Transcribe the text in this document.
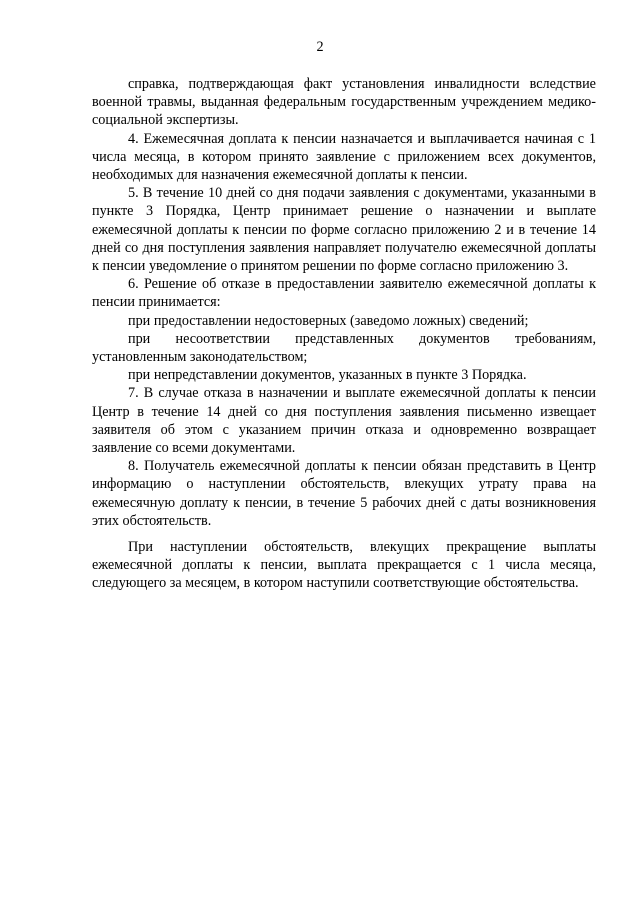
2

справка, подтверждающая факт установления инвалидности вследствие военной травмы, выданная федеральным государственным учреждением медико-социальной экспертизы.

4. Ежемесячная доплата к пенсии назначается и выплачивается начиная с 1 числа месяца, в котором принято заявление с приложением всех документов, необходимых для назначения ежемесячной доплаты к пенсии.

5. В течение 10 дней со дня подачи заявления с документами, указанными в пункте 3 Порядка, Центр принимает решение о назначении и выплате ежемесячной доплаты к пенсии по форме согласно приложению 2 и в течение 14 дней со дня поступления заявления направляет получателю ежемесячной доплаты к пенсии уведомление о принятом решении по форме согласно приложению 3.

6. Решение об отказе в предоставлении заявителю ежемесячной доплаты к пенсии принимается:

при предоставлении недостоверных (заведомо ложных) сведений;

при несоответствии представленных документов требованиям, установленным законодательством;

при непредставлении документов, указанных в пункте 3 Порядка.

7. В случае отказа в назначении и выплате ежемесячной доплаты к пенсии Центр в течение 14 дней со дня поступления заявления письменно извещает заявителя об этом с указанием причин отказа и одновременно возвращает заявление со всеми документами.

8. Получатель ежемесячной доплаты к пенсии обязан представить в Центр информацию о наступлении обстоятельств, влекущих утрату права на ежемесячную доплату к пенсии, в течение 5 рабочих дней с даты возникновения этих обстоятельств.

При наступлении обстоятельств, влекущих прекращение выплаты ежемесячной доплаты к пенсии, выплата прекращается с 1 числа месяца, следующего за месяцем, в котором наступили соответствующие обстоятельства.
